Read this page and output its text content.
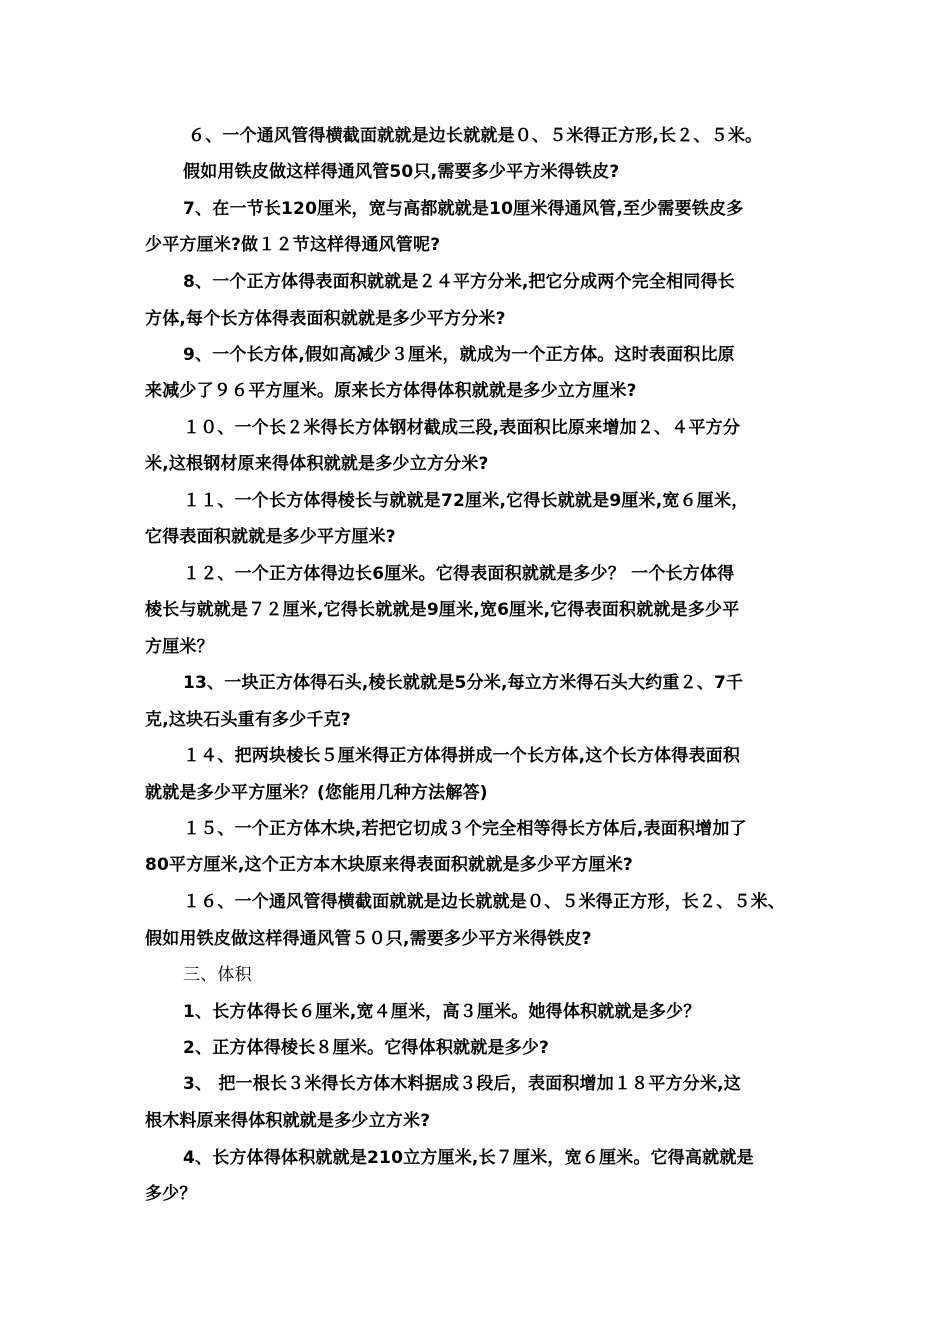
６、一个通风管得横截面就就是边长就就是０、５米得正方形,长２、５米。
假如用铁皮做这样得通风管50只,需要多少平方米得铁皮?
7、在一节长120厘米，宽与高都就就是10厘米得通风管,至少需要铁皮多
少平方厘米?做１２节这样得通风管呢?
8、一个正方体得表面积就就是２４平方分米,把它分成两个完全相同得长
方体,每个长方体得表面积就就是多少平方分米?
9、一个长方体,假如高减少３厘米，就成为一个正方体。这时表面积比原
来减少了９６平方厘米。原来长方体得体积就就是多少立方厘米?
１０、一个长２米得长方体钢材截成三段,表面积比原来增加２、４平方分
米,这根钢材原来得体积就就是多少立方分米?
１１、一个长方体得棱长与就就是72厘米,它得长就就是9厘米,宽６厘米，
它得表面积就就是多少平方厘米?
１２、一个正方体得边长6厘米。它得表面积就就是多少？ 一个长方体得
棱长与就就是７２厘米,它得长就就是9厘米,宽6厘米,它得表面积就就是多少平
方厘米？
13、一块正方体得石头,棱长就就是5分米,每立方米得石头大约重２、7千
克,这块石头重有多少千克?
１４、把两块棱长５厘米得正方体得拼成一个长方体,这个长方体得表面积
就就是多少平方厘米？(您能用几种方法解答)
１５、一个正方体木块,若把它切成３个完全相等得长方体后,表面积增加了
80平方厘米,这个正方本木块原来得表面积就就是多少平方厘米?
１６、一个通风管得横截面就就是边长就就是０、５米得正方形，长２、５米、
假如用铁皮做这样得通风管５０只,需要多少平方米得铁皮?
三、体积
1、长方体得长６厘米,宽４厘米，高３厘米。她得体积就就是多少？
2、正方体得棱长８厘米。它得体积就就是多少?
3、 把一根长３米得长方体木料据成３段后，表面积增加１８平方分米,这
根木料原来得体积就就是多少立方米?
4、长方体得体积就就是210立方厘米,长７厘米，宽６厘米。它得高就就是
多少？
